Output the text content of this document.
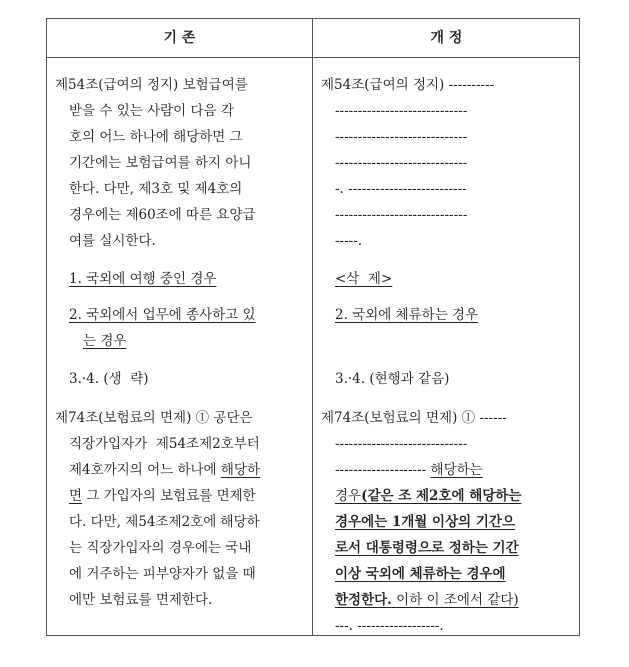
기 존	개 정
제54조(급여의 정지) 보험급여를
받을 수 있는 사람이 다음 각
호의 어느 하나에 해당하면 그
기간에는 보험급여를 하지 아니
한다. 다만, 제3호 및 제4호의
경우에는 제60조에 따른 요양급
여를 실시한다.
1. 국외에 여행 중인 경우
2. 국외에서 업무에 종사하고 있
는 경우
3.·4. (생  략)
제74조(보험료의 면제) ① 공단은
직장가입자가  제54조제2호부터
제4호까지의 어느 하나에 해당하
면 그 가입자의 보험료를 면제한
다. 다만, 제54조제2호에 해당하
는 직장가입자의 경우에는 국내
에 거주하는 피부양자가 없을 때
에만 보험료를 면제한다.
제54조(급여의 정지) ----------
-----------------------------
-----------------------------
-----------------------------
-. --------------------------
-----------------------------
-----.
<삭  제>
2. 국외에 체류하는 경우
3.·4. (현행과 같음)
제74조(보험료의 면제) ① ------
-----------------------------
-------------------- 해당하는
경우(같은 조 제2호에 해당하는
경우에는 1개월 이상의 기간으
로서 대통령령으로 정하는 기간
이상 국외에 체류하는 경우에
한정한다. 이하 이 조에서 같다)
---. ------------------.
